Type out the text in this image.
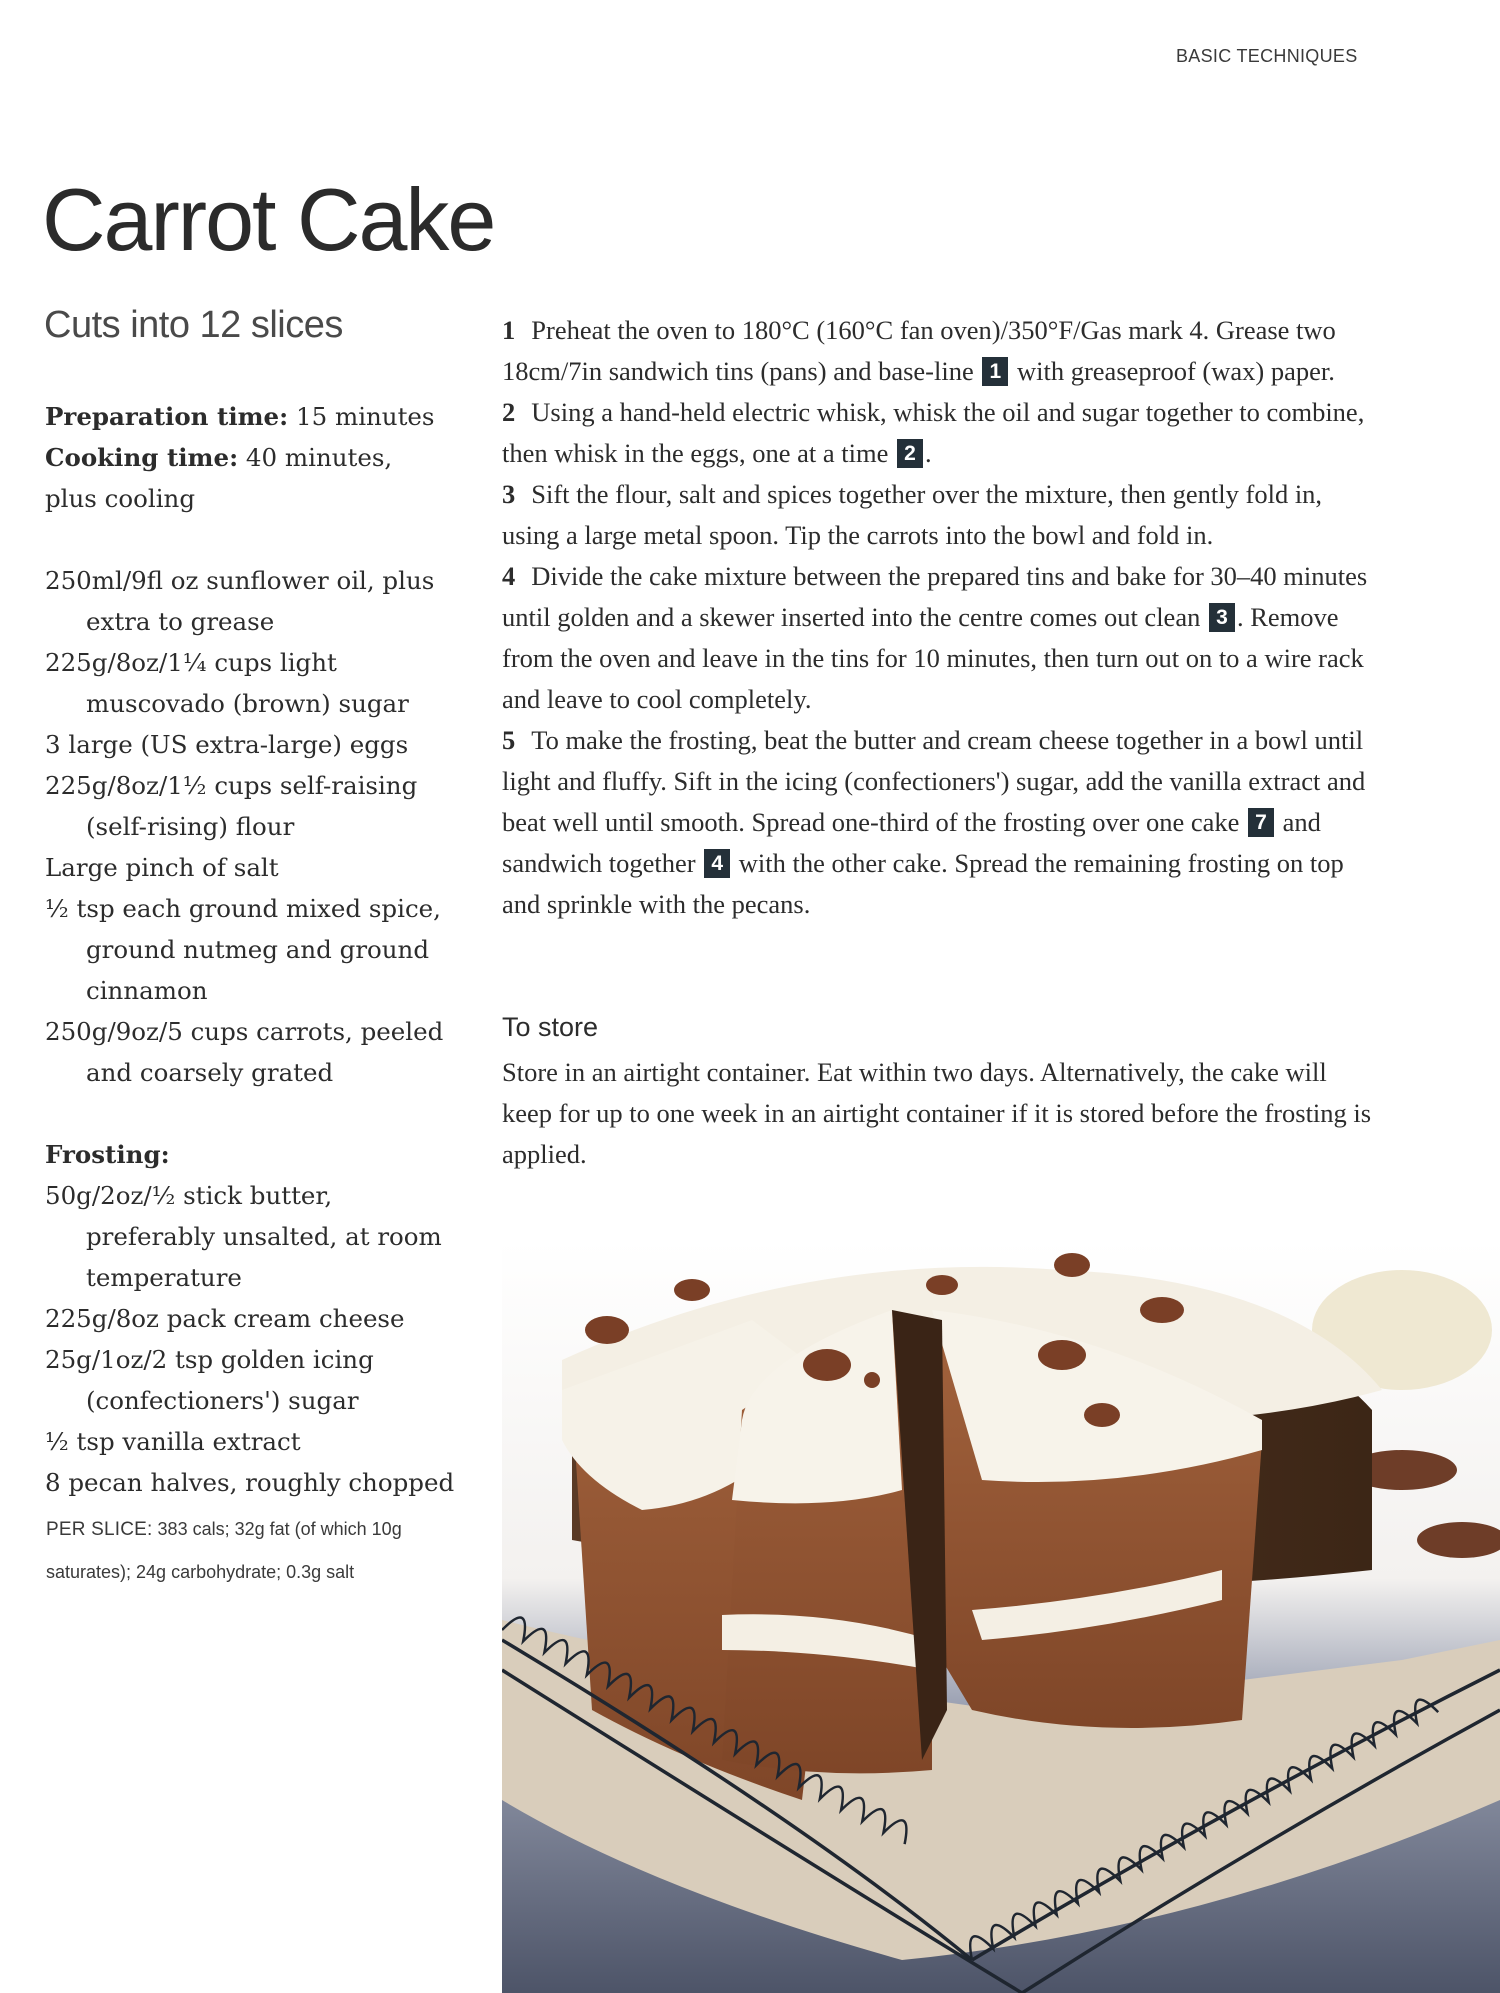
BASIC TECHNIQUES
Carrot Cake
Cuts into 12 slices

Preparation time: 15 minutes

Cooking time: 40 minutes,

plus cooling

250ml/9fl oz sunflower oil, plus extra to grease
225g/8oz/1¼ cups light muscovado (brown) sugar
3 large (US extra-large) eggs
225g/8oz/1½ cups self-raising (self-rising) flour
Large pinch of salt
½ tsp each ground mixed spice, ground nutmeg and ground cinnamon
250g/9oz/5 cups carrots, peeled and coarsely grated

Frosting:

50g/2oz/½ stick butter, preferably unsalted, at room temperature
225g/8oz pack cream cheese
25g/1oz/2 tsp golden icing (confectioners') sugar
½ tsp vanilla extract
8 pecan halves, roughly chopped
PER SLICE: 383 cals; 32g fat (of which 10g saturates); 24g carbohydrate; 0.3g salt

1 Preheat the oven to 180°C (160°C fan oven)/350°F/Gas mark 4. Grease two 18cm/7in sandwich tins (pans) and base-line 1 with greaseproof (wax) paper.

2 Using a hand-held electric whisk, whisk the oil and sugar together to combine, then whisk in the eggs, one at a time 2 .

3 Sift the flour, salt and spices together over the mixture, then gently fold in, using a large metal spoon. Tip the carrots into the bowl and fold in.

4 Divide the cake mixture between the prepared tins and bake for 30–40 minutes until golden and a skewer inserted into the centre comes out clean 3 . Remove from the oven and leave in the tins for 10 minutes, then turn out on to a wire rack and leave to cool completely.

5 To make the frosting, beat the butter and cream cheese together in a bowl until light and fluffy. Sift in the icing (confectioners') sugar, add the vanilla extract and beat well until smooth. Spread one-third of the frosting over one cake 7 and sandwich together 4 with the other cake. Spread the remaining frosting on top and sprinkle with the pecans.

To store

Store in an airtight container. Eat within two days. Alternatively, the cake will keep for up to one week in an airtight container if it is stored before the frosting is applied.
